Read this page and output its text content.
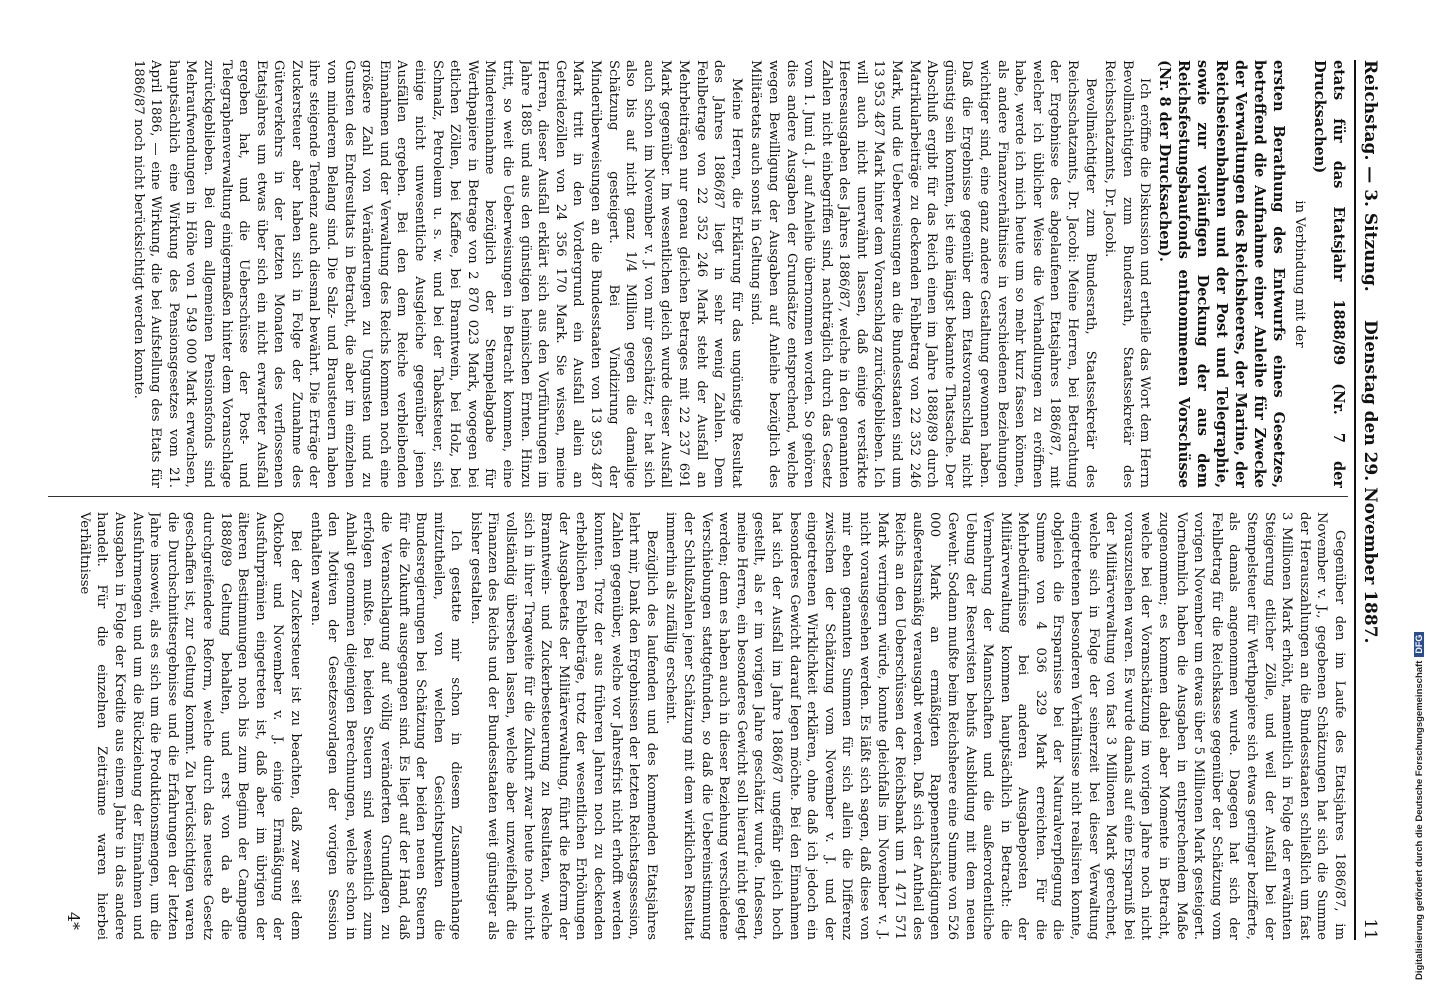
Reichstag. — 3. Sitzung.
Dienstag den 29. November 1887.
11

etats für das Etatsjahr 1888/89 (Nr. 7 der Drucksachen)

in Verbindung mit der

ersten Berathung des Entwurfs eines Gesetzes, betreffend die Aufnahme einer Anleihe für Zwecke der Verwaltungen des Reichsheeres, der Marine, der Reichseisenbahnen und der Post und Telegraphie, sowie zur vorläufigen Deckung der aus dem Reichsfestungsbaufonds entnommenen Vorschüsse (Nr. 8 der Drucksachen).

Ich eröffne die Diskussion und ertheile das Wort dem Herrn Bevollmächtigten zum Bundesrath, Staatssekretär des Reichsschatzamts, Dr. Jacobi.

Bevollmächtigter zum Bundesrath, Staatssekretär des Reichsschatzamts, Dr. Jacobi: Meine Herren, bei Betrachtung der Ergebnisse des abgelaufenen Etatsjahres 1886/87, mit welcher ich üblicher Weise die Verhandlungen zu eröffnen habe, werde ich mich heute um so mehr kurz fassen können, als andere Finanzverhältnisse in verschiedenen Beziehungen wichtiger sind, eine ganz andere Gestaltung gewonnen haben. Daß die Ergebnisse gegenüber dem Etatsvoranschlag nicht günstig sein konnten, ist eine längst bekannte Thatsache. Der Abschluß ergibt für das Reich einen im Jahre 1888/89 durch Matrikularbeiträge zu deckenden Fehlbetrag von 22 352 246 Mark, und die Ueberweisungen an die Bundesstaaten sind um 13 953 487 Mark hinter dem Voranschlag zurückgeblieben. Ich will auch nicht unerwähnt lassen, daß einige verstärkte Heeresausgaben des Jahres 1886/87, welche in den genannten Zahlen nicht einbegriffen sind, nachträglich durch das Gesetz vom 1. Juni d. J. auf Anleihe übernommen worden. So gehören dies andere Ausgaben der Grundsätze entsprechend, welche wegen Bewilligung der Ausgaben auf Anleihe bezüglich des Militäretats auch sonst in Geltung sind.

Meine Herren, die Erklärung für das ungünstige Resultat des Jahres 1886/87 liegt in sehr wenig Zahlen. Dem Fehlbetrage von 22 352 246 Mark steht der Ausfall an Mehrbeiträgen nur genau gleichen Betrages mit 22 237 691 Mark gegenüber. Im wesentlichen gleich wurde dieser Ausfall auch schon im November v. J. von mir geschätzt; er hat sich also bis auf nicht ganz 1/4 Million gegen die damalige Schätzung gesteigert. Bei Vindizirung der Minderüberweisungen an die Bundesstaaten von 13 953 487 Mark tritt in den Vordergrund ein Ausfall allein an Getreidezöllen von 24 356 170 Mark. Sie wissen, meine Herren, dieser Ausfall erklärt sich aus den Vorführungen im Jahre 1885 und aus den günstigen heimischen Ernten. Hinzu tritt, so weit die Ueberweisungen in Betracht kommen, eine Mindereinnahme bezüglich der Stempelabgabe für Werthpapiere in Betrage von 2 870 023 Mark, wogegen bei etlichen Zöllen, bei Kaffee, bei Branntwein, bei Holz, bei Schmalz, Petroleum u. s. w. und bei der Tabaksteuer, sich einige nicht unwesentliche Ausgleiche gegenüber jenen Ausfällen ergeben. Bei den dem Reiche verbleibenden Einnahmen und der Verwaltung des Reichs kommen noch eine größere Zahl von Veränderungen zu Ungunsten und zu Gunsten des Endresultats in Betracht, die aber im einzelnen von minderem Belang sind. Die Salz- und Brausteuern haben ihre steigende Tendenz auch diesmal bewährt. Die Erträge der Zuckersteuer aber haben sich in Folge der Zunahme des Güterverkehrs in der letzten Monaten des verflossenen Etatsjahres um etwas über sich ein nicht erwarteter Ausfall ergeben hat, und die Ueberschüsse der Post- und Telegraphenverwaltung einigermaßen hinter dem Voranschlage zurückgeblieben. Bei dem allgemeinen Pensionsfonds sind Mehraufwendungen in Höhe von 1 549 000 Mark erwachsen, hauptsächlich eine Wirkung des Pensionsgesetzes vom 21. April 1886, — eine Wirkung, die bei Aufstellung des Etats für 1886/87 noch nicht berücksichtigt werden konnte.

Gegenüber den im Laufe des Etatsjahres 1886/87, im November v. J., gegebenen Schätzungen hat sich die Summe der Herauszahlungen an die Bundesstaaten schließlich um fast 3 Millionen Mark erhöht, namentlich in Folge der erwähnten Steigerung etlicher Zölle, und weil der Ausfall bei der Stempelsteuer für Werthpapiere sich etwas geringer bezifferte, als damals angenommen wurde. Dagegen hat sich der Fehlbetrag für die Reichskasse gegenüber der Schätzung vom vorigen November um etwas über 5 Millionen Mark gesteigert. Vornehmlich haben die Ausgaben in entsprechendem Maße zugenommen; es kommen dabei aber Momente in Betracht, welche bei der Voranschätzung im vorigen Jahre noch nicht vorauszusehen waren. Es wurde damals auf eine Ersparniß bei der Militärverwaltung von fast 3 Millionen Mark gerechnet, welche sich in Folge der seinerzeit bei dieser Verwaltung eingetretenen besonderen Verhältnisse nicht realisiren konnte, obgleich die Ersparnisse bei der Naturalverpflegung die Summe von 4 036 329 Mark erreichten. Für die Mehrbedürfnisse bei anderen Ausgabeposten der Militärverwaltung kommen hauptsächlich in Betracht: die Vermehrung der Mannschaften und die außerordentliche Uebung der Reservisten behufs Ausbildung mit dem neuen Gewehr. Sodann mußte beim Reichsheere eine Summe von 526 000 Mark an ermäßigten Rappenentschädigungen außeretatsmäßig verausgabt werden. Daß sich der Antheil des Reichs an den Ueberschüssen der Reichsbank um 1 471 571 Mark verringern würde, konnte gleichfalls im November v. J. nicht vorausgesehen werden. Es läßt sich sagen, daß diese von mir eben genannten Summen für sich allein die Differenz zwischen der Schätzung vom November v. J. und der eingetretenen Wirklichkeit erklären, ohne daß ich jedoch ein besonderes Gewicht darauf legen möchte. Bei den Einnahmen hat sich der Ausfall im Jahre 1886/87 ungefähr gleich hoch gestellt, als er im vorigen Jahre geschätzt wurde. Indessen, meine Herren, ein besonderes Gewicht soll hierauf nicht gelegt werden; denn es haben auch in dieser Beziehung verschiedene Verschiebungen stattgefunden, so daß die Uebereinstimmung der Schlußzahlen jener Schätzung mit dem wirklichen Resultat immerhin als zufällig erscheint.

Bezüglich des laufenden und des kommenden Etatsjahres lehrt mir, Dank den Ergebnissen der letzten Reichstagssession, Zahlen gegenüber, welche vor Jahresfrist nicht erhofft werden konnten. Trotz der aus früheren Jahren noch zu deckenden erheblichen Fehlbeträge, trotz der wesentlichen Erhöhungen der Ausgabeetats der Militärverwaltung, führt die Reform der Branntwein- und Zuckerbesteuerung zu Resultaten, welche sich in ihrer Tragweite für die Zukunft zwar heute noch nicht vollständig übersehen lassen, welche aber unzweifelhaft die Finanzen des Reichs und der Bundesstaaten weit günstiger als bisher gestalten.

Ich gestatte mir schon in diesem Zusammenhange mitzutheilen, von welchen Gesichtspunkten die Bundesregierungen bei Schätzung der beiden neuen Steuern für die Zukunft ausgegangen sind. Es liegt auf der Hand, daß die Veranschlagung auf völlig veränderten Grundlagen zu erfolgen mußte. Bei beiden Steuern sind wesentlich zum Anhalt genommen diejenigen Berechnungen, welche schon in den Motiven der Gesetzesvorlagen der vorigen Session enthalten waren.

Bei der Zuckersteuer ist zu beachten, daß zwar seit dem Oktober und November v. J. einige Ermäßigung der Ausfuhrprämien eingetreten ist, daß aber im übrigen der älteren Bestimmungen noch bis zum Beginn der Campagne 1888/89 Geltung behalten, und erst von da ab die durchgreifendere Reform, welche durch das neueste Gesetz geschaffen ist, zur Geltung kommt. Zu berücksichtigen waren die Durchschnittsergebnisse und die Erfahrungen der letzten Jahre insoweit, als es sich um die Produktionsmengen, um die Ausfuhrmengen und um die Rückziehung der Einnahmen und Ausgaben in Folge der Kredite aus einem Jahre in das andere handelt. Für die einzelnen Zeiträume waren hierbei Verhältnisse

4*	Digitalisierung gefördert durch die Deutsche ForschungsgemeinschaftDFG
